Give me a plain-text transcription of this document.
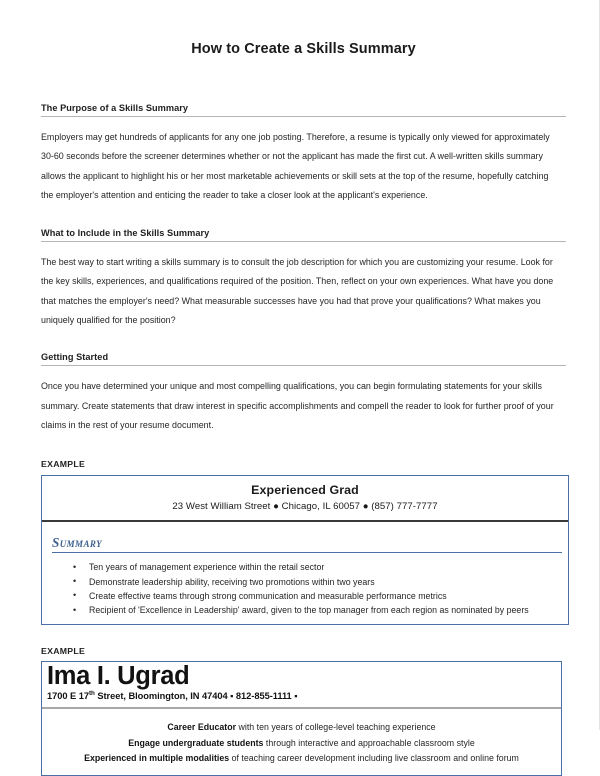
How to Create a Skills Summary
The Purpose of a Skills Summary
Employers may get hundreds of applicants for any one job posting. Therefore, a resume is typically only viewed for approximately 30-60 seconds before the screener determines whether or not the applicant has made the first cut. A well-written skills summary allows the applicant to highlight his or her most marketable achievements or skill sets at the top of the resume, hopefully catching the employer's attention and enticing the reader to take a closer look at the applicant's experience.
What to Include in the Skills Summary
The best way to start writing a skills summary is to consult the job description for which you are customizing your resume. Look for the key skills, experiences, and qualifications required of the position. Then, reflect on your own experiences. What have you done that matches the employer's need? What measurable successes have you had that prove your qualifications? What makes you uniquely qualified for the position?
Getting Started
Once you have determined your unique and most compelling qualifications, you can begin formulating statements for your skills summary. Create statements that draw interest in specific accomplishments and compell the reader to look for further proof of your claims in the rest of your resume document.
EXAMPLE
Experienced Grad
23 West William Street ● Chicago, IL 60057 ● (857) 777-7777
Summary
• Ten years of management experience within the retail sector
• Demonstrate leadership ability, receiving two promotions within two years
• Create effective teams through strong communication and measurable performance metrics
• Recipient of 'Excellence in Leadership' award, given to the top manager from each region as nominated by peers
EXAMPLE
Ima I. Ugrad
1700 E 17th Street, Bloomington, IN 47404 ▪ 812-855-1111 ▪
Career Educator with ten years of college-level teaching experience
Engage undergraduate students through interactive and approachable classroom style
Experienced in multiple modalities of teaching career development including live classroom and online forum
